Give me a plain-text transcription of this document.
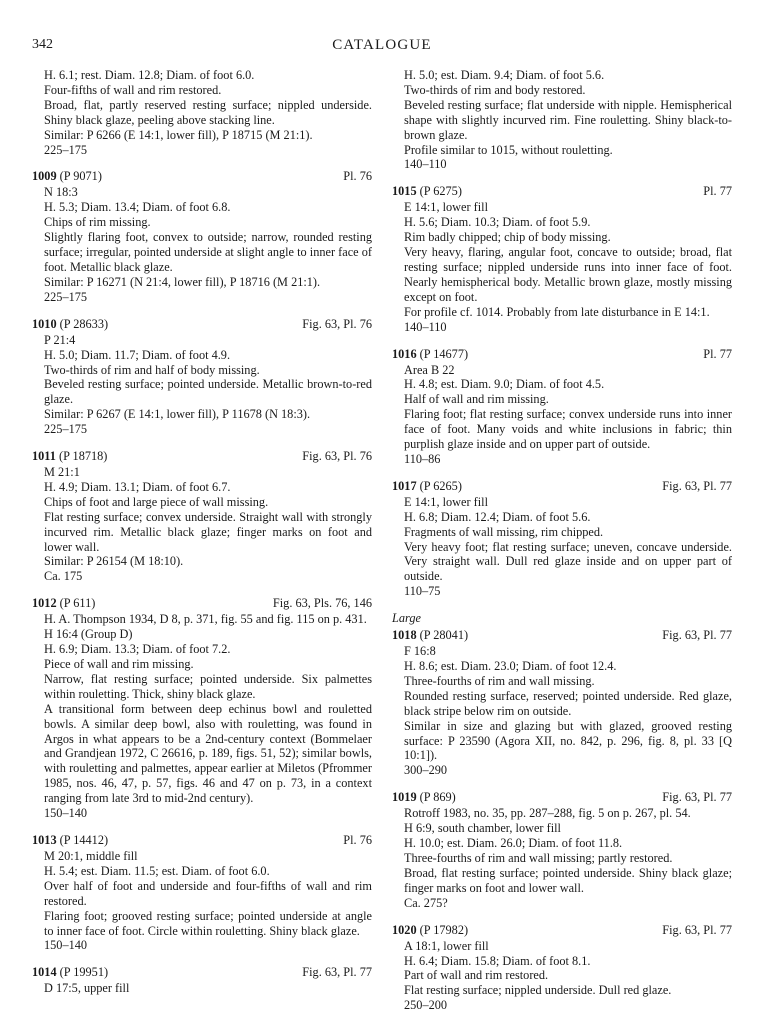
342	CATALOGUE
H. 6.1; rest. Diam. 12.8; Diam. of foot 6.0.
Four-fifths of wall and rim restored.

Broad, flat, partly reserved resting surface; nippled underside. Shiny black glaze, peeling above stacking line.

Similar: P 6266 (E 14:1, lower fill), P 18715 (M 21:1).

225–175
1009 (P 9071)	Pl. 76
N 18:3
H. 5.3; Diam. 13.4; Diam. of foot 6.8.
Chips of rim missing.

Slightly flaring foot, convex to outside; narrow, rounded resting surface; irregular, pointed underside at slight angle to inner face of foot. Metallic black glaze.

Similar: P 16271 (N 21:4, lower fill), P 18716 (M 21:1).

225–175
1010 (P 28633)	Fig. 63, Pl. 76
P 21:4
H. 5.0; Diam. 11.7; Diam. of foot 4.9.
Two-thirds of rim and half of body missing.

Beveled resting surface; pointed underside. Metallic brown-to-red glaze.

Similar: P 6267 (E 14:1, lower fill), P 11678 (N 18:3).

225–175
1011 (P 18718)	Fig. 63, Pl. 76
M 21:1
H. 4.9; Diam. 13.1; Diam. of foot 6.7.
Chips of foot and large piece of wall missing.

Flat resting surface; convex underside. Straight wall with strongly incurved rim. Metallic black glaze; finger marks on foot and lower wall.

Similar: P 26154 (M 18:10).

Ca. 175
1012 (P 611)	Fig. 63, Pls. 76, 146

H. A. Thompson 1934, D 8, p. 371, fig. 55 and fig. 115 on p. 431.

H 16:4 (Group D)

H. 6.9; Diam. 13.3; Diam. of foot 7.2.

Piece of wall and rim missing.

Narrow, flat resting surface; pointed underside. Six palmettes within rouletting. Thick, shiny black glaze.

A transitional form between deep echinus bowl and rouletted bowls. A similar deep bowl, also with rouletting, was found in Argos in what appears to be a 2nd-century context (Bommelaer and Grandjean 1972, C 26616, p. 189, figs. 51, 52); similar bowls, with rouletting and palmettes, appear earlier at Miletos (Pfrommer 1985, nos. 46, 47, p. 57, figs. 46 and 47 on p. 73, in a context ranging from late 3rd to mid-2nd century).

150–140
1013 (P 14412)	Pl. 76
M 20:1, middle fill
H. 5.4; est. Diam. 11.5; est. Diam. of foot 6.0.

Over half of foot and underside and four-fifths of wall and rim restored.

Flaring foot; grooved resting surface; pointed underside at angle to inner face of foot. Circle within rouletting. Shiny black glaze.

150–140
1014 (P 19951)	Fig. 63, Pl. 77
D 17:5, upper fill
H. 5.0; est. Diam. 9.4; Diam. of foot 5.6.
Two-thirds of rim and body restored.

Beveled resting surface; flat underside with nipple. Hemispherical shape with slightly incurved rim. Fine rouletting. Shiny black-to-brown glaze.

Profile similar to 1015, without rouletting.

140–110
1015 (P 6275)	Pl. 77
E 14:1, lower fill
H. 5.6; Diam. 10.3; Diam. of foot 5.9.
Rim badly chipped; chip of body missing.

Very heavy, flaring, angular foot, concave to outside; broad, flat resting surface; nippled underside runs into inner face of foot. Nearly hemispherical body. Metallic brown glaze, mostly missing except on foot.

For profile cf. 1014. Probably from late disturbance in E 14:1.

140–110
1016 (P 14677)	Pl. 77
Area B 22
H. 4.8; est. Diam. 9.0; Diam. of foot 4.5.
Half of wall and rim missing.

Flaring foot; flat resting surface; convex underside runs into inner face of foot. Many voids and white inclusions in fabric; thin purplish glaze inside and on upper part of outside.

110–86
1017 (P 6265)	Fig. 63, Pl. 77
E 14:1, lower fill
H. 6.8; Diam. 12.4; Diam. of foot 5.6.
Fragments of wall missing, rim chipped.

Very heavy foot; flat resting surface; uneven, concave underside. Very straight wall. Dull red glaze inside and on upper part of outside.

110–75
Large
1018 (P 28041)	Fig. 63, Pl. 77
F 16:8
H. 8.6; est. Diam. 23.0; Diam. of foot 12.4.
Three-fourths of rim and wall missing.

Rounded resting surface, reserved; pointed underside. Red glaze, black stripe below rim on outside.

Similar in size and glazing but with glazed, grooved resting surface: P 23590 (Agora XII, no. 842, p. 296, fig. 8, pl. 33 [Q 10:1]).

300–290
1019 (P 869)	Fig. 63, Pl. 77
Rotroff 1983, no. 35, pp. 287–288, fig. 5 on p. 267, pl. 54.
H 6:9, south chamber, lower fill
H. 10.0; est. Diam. 26.0; Diam. of foot 11.8.
Three-fourths of rim and wall missing; partly restored.

Broad, flat resting surface; pointed underside. Shiny black glaze; finger marks on foot and lower wall.

Ca. 275?
1020 (P 17982)	Fig. 63, Pl. 77
A 18:1, lower fill
H. 6.4; Diam. 15.8; Diam. of foot 8.1.
Part of wall and rim restored.

Flat resting surface; nippled underside. Dull red glaze.

250–200
